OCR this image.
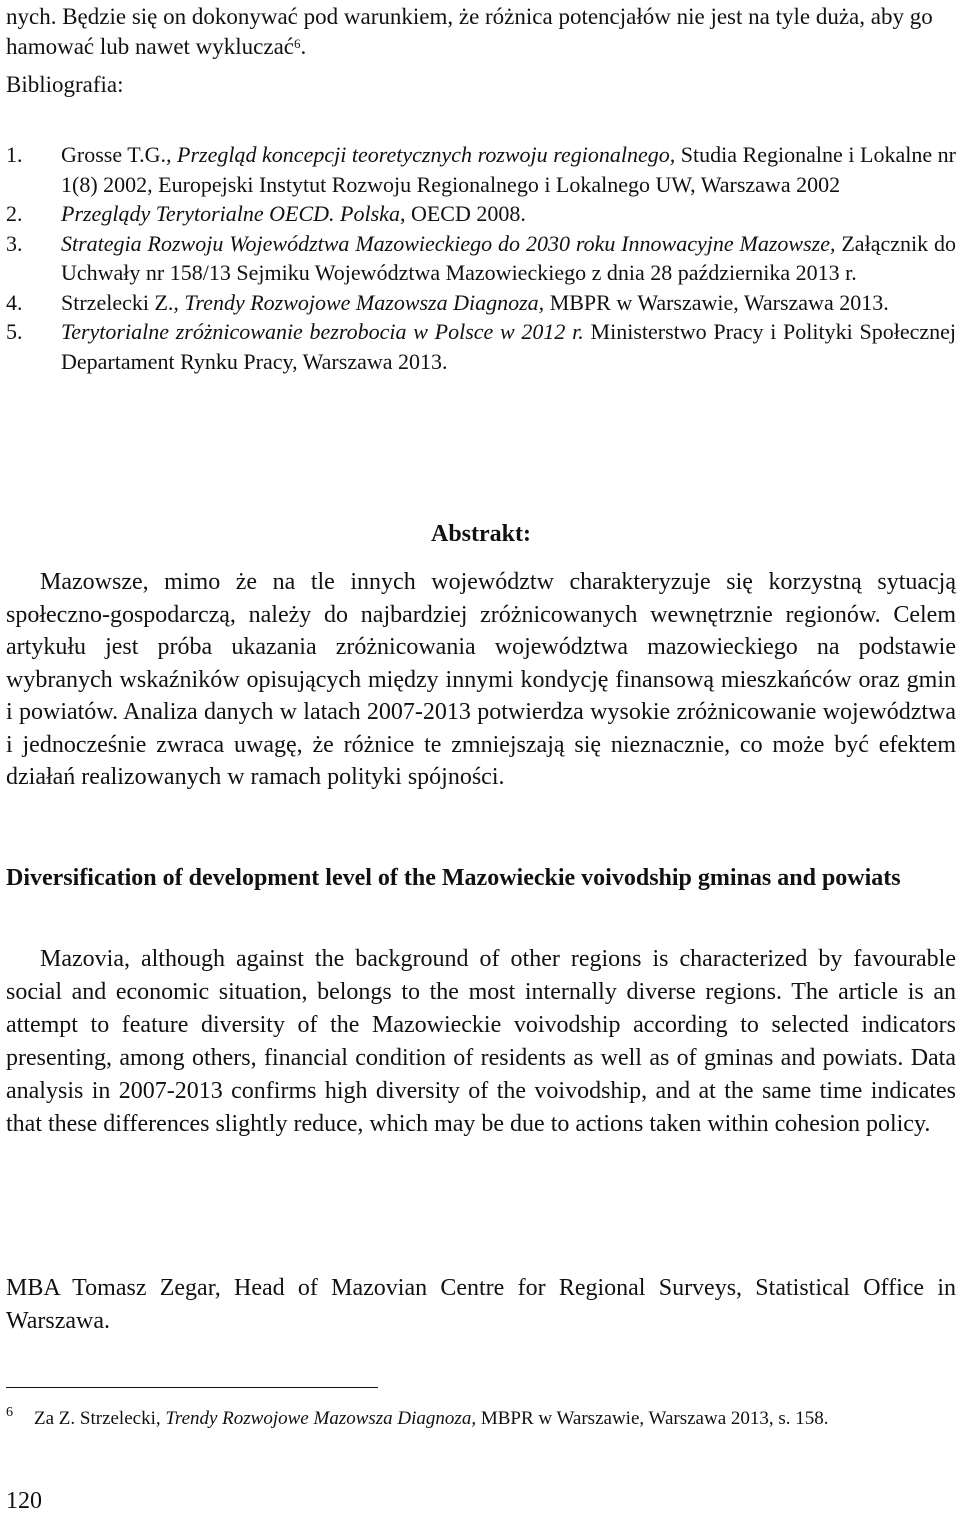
nych. Będzie się on dokonywać pod warunkiem, że różnica potencjałów nie jest na tyle duża, aby go hamować lub nawet wykluczać$^6$.

Bibliografia:
1. Grosse T.G., Przegląd koncepcji teoretycznych rozwoju regionalnego, Studia Regionalne i Lokalne nr 1(8) 2002, Europejski Instytut Rozwoju Regionalnego i Lokalnego UW, Warszawa 2002
2. Przeglądy Terytorialne OECD. Polska, OECD 2008.
3. Strategia Rozwoju Województwa Mazowieckiego do 2030 roku Innowacyjne Mazowsze, Załącznik do Uchwały nr 158/13 Sejmiku Województwa Mazowieckiego z dnia 28 października 2013 r.
4. Strzelecki Z., Trendy Rozwojowe Mazowsza Diagnoza, MBPR w Warszawie, Warszawa 2013.
5. Terytorialne zróżnicowanie bezrobocia w Polsce w 2012 r. Ministerstwo Pracy i Polityki Społecznej Departament Rynku Pracy, Warszawa 2013.
Abstrakt:

Mazowsze, mimo że na tle innych województw charakteryzuje się korzystną sytuacją społeczno-gospodarczą, należy do najbardziej zróżnicowanych wewnętrznie regionów. Celem artykułu jest próba ukazania zróżnicowania województwa mazowieckiego na podstawie wybranych wskaźników opisujących między innymi kondycję finansową mieszkańców oraz gmin i powiatów. Analiza danych w latach 2007-2013 potwierdza wysokie zróżnicowanie województwa i jednocześnie zwraca uwagę, że różnice te zmniejszają się nieznacznie, co może być efektem działań realizowanych w ramach polityki spójności.

Diversification of development level of the Mazowieckie voivodship gminas and powiats

Mazovia, although against the background of other regions is characterized by favourable social and economic situation, belongs to the most internally diverse regions. The article is an attempt to feature diversity of the Mazowieckie voivodship according to selected indicators presenting, among others, financial condition of residents as well as of gminas and powiats. Data analysis in 2007-2013 confirms high diversity of the voivodship, and at the same time indicates that these differences slightly reduce, which may be due to actions taken within cohesion policy.

MBA Tomasz Zegar, Head of Mazovian Centre for Regional Surveys, Statistical Office in Warszawa.

6	Za Z. Strzelecki, Trendy Rozwojowe Mazowsza Diagnoza, MBPR w Warszawie, Warszawa 2013, s. 158.
120
